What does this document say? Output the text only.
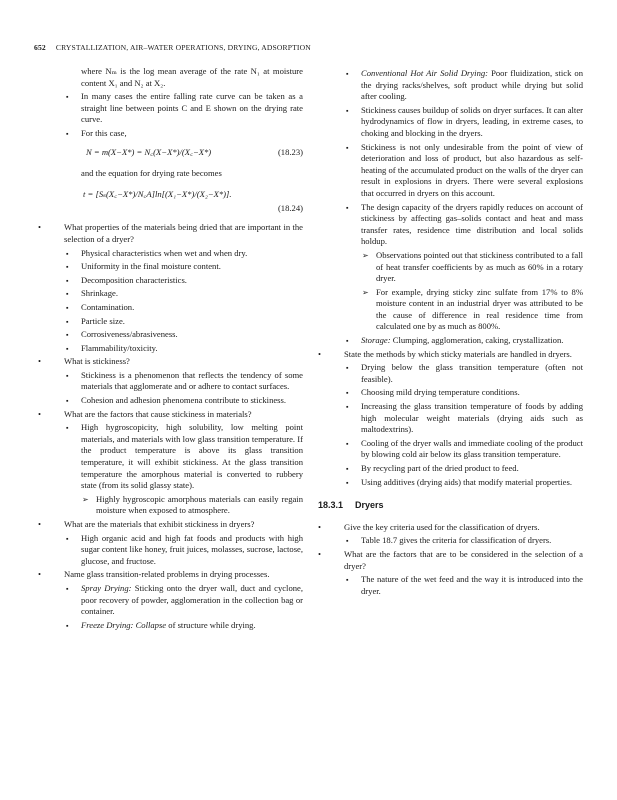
652 CRYSTALLIZATION, AIR–WATER OPERATIONS, DRYING, ADSORPTION
where Nₘ is the log mean average of the rate N₁ at moisture content X₁ and N₂ at X₂.
▪ In many cases the entire falling rate curve can be taken as a straight line between points C and E shown on the drying rate curve.
▪ For this case,
N = m(X−X*) = N꜀(X−X*)/(X꜀−X*)	(18.23)
and the equation for drying rate becomes
t = [Sₛ(X꜀−X*)/N꜀A]ln[(X₁−X*)/(X₂−X*)].
(18.24)
•	What properties of the materials being dried that are important in the selection of a dryer?
▪ Physical characteristics when wet and when dry.
▪ Uniformity in the final moisture content.
▪ Decomposition characteristics.
▪ Shrinkage.
▪ Contamination.
▪ Particle size.
▪ Corrosiveness/abrasiveness.
▪ Flammability/toxicity.
•	What is stickiness?
▪ Stickiness is a phenomenon that reflects the tendency of some materials that agglomerate and or adhere to contact surfaces.
▪ Cohesion and adhesion phenomena contribute to stickiness.
•	What are the factors that cause stickiness in materials?
▪ High hygroscopicity, high solubility, low melting point materials, and materials with low glass transition temperature. If the product temperature is above its glass transition temperature, it will exhibit stickiness. At the glass transition temperature the amorphous material is converted to rubbery state (from its solid glassy state).
➢ Highly hygroscopic amorphous materials can easily regain moisture when exposed to atmosphere.
•	What are the materials that exhibit stickiness in dryers?
▪ High organic acid and high fat foods and products with high sugar content like honey, fruit juices, molasses, sucrose, lactose, glucose, and fructose.
•	Name glass transition-related problems in drying processes.
▪ Spray Drying: Sticking onto the dryer wall, duct and cyclone, poor recovery of powder, agglomeration in the collection bag or container.
▪ Freeze Drying: Collapse of structure while drying.
▪ Conventional Hot Air Solid Drying: Poor fluidization, stick on the drying racks/shelves, soft product while drying but solid after cooling.
▪ Stickiness causes buildup of solids on dryer surfaces. It can alter hydrodynamics of flow in dryers, leading, in extreme cases, to choking and blocking in the dryers.
▪ Stickiness is not only undesirable from the point of view of deterioration and loss of product, but also hazardous as self-heating of the accumulated product on the walls of the dryer can result in explosions in dryers. There were several explosions that occurred in dryers on this account.
▪ The design capacity of the dryers rapidly reduces on account of stickiness by affecting gas–solids contact and heat and mass transfer rates, residence time distribution and local solids holdup.
➢ Observations pointed out that stickiness contributed to a fall of heat transfer coefficients by as much as 60% in a rotary dryer.
➢ For example, drying sticky zinc sulfate from 17% to 8% moisture content in an industrial dryer was attributed to be the cause of difference in real residence time from calculated one by as much as 800%.
▪ Storage: Clumping, agglomeration, caking, crystallization.
•	State the methods by which sticky materials are handled in dryers.
▪ Drying below the glass transition temperature (often not feasible).
▪ Choosing mild drying temperature conditions.
▪ Increasing the glass transition temperature of foods by adding high molecular weight materials (drying aids such as maltodextrins).
▪ Cooling of the dryer walls and immediate cooling of the product by blowing cold air below its glass transition temperature.
▪ By recycling part of the dried product to feed.
▪ Using additives (drying aids) that modify material properties.
18.3.1 Dryers
•	Give the key criteria used for the classification of dryers.
▪ Table 18.7 gives the criteria for classification of dryers.
•	What are the factors that are to be considered in the selection of a dryer?
▪ The nature of the wet feed and the way it is introduced into the dryer.
